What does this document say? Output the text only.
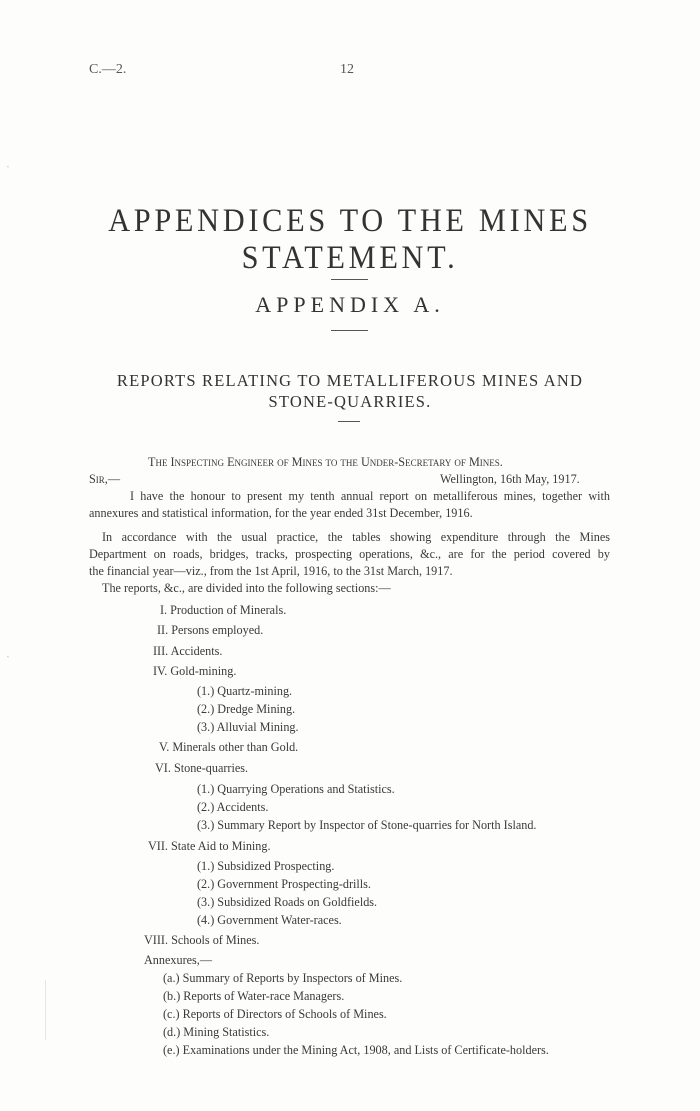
C.—2.	12
APPENDICES TO THE MINES STATEMENT.
APPENDIX A.
REPORTS RELATING TO METALLIFEROUS MINES AND
STONE-QUARRIES.
The Inspecting Engineer of Mines to the Under-Secretary of Mines.
Sir,—	Wellington, 16th May, 1917.
I have the honour to present my tenth annual report on metalliferous mines, together with
annexures and statistical information, for the year ended 31st December, 1916.
In accordance with the usual practice, the tables showing expenditure through the Mines
Department on roads, bridges, tracks, prospecting operations, &c., are for the period covered by
the financial year—viz., from the 1st April, 1916, to the 31st March, 1917.
The reports, &c., are divided into the following sections:—
I. Production of Minerals.
II. Persons employed.
III. Accidents.
IV. Gold-mining.
(1.) Quartz-mining.
(2.) Dredge Mining.
(3.) Alluvial Mining.
V. Minerals other than Gold.
VI. Stone-quarries.
(1.) Quarrying Operations and Statistics.
(2.) Accidents.
(3.) Summary Report by Inspector of Stone-quarries for North Island.
VII. State Aid to Mining.
(1.) Subsidized Prospecting.
(2.) Government Prospecting-drills.
(3.) Subsidized Roads on Goldfields.
(4.) Government Water-races.
VIII. Schools of Mines.
Annexures,—
(a.) Summary of Reports by Inspectors of Mines.
(b.) Reports of Water-race Managers.
(c.) Reports of Directors of Schools of Mines.
(d.) Mining Statistics.
(e.) Examinations under the Mining Act, 1908, and Lists of Certificate-holders.
·
·
